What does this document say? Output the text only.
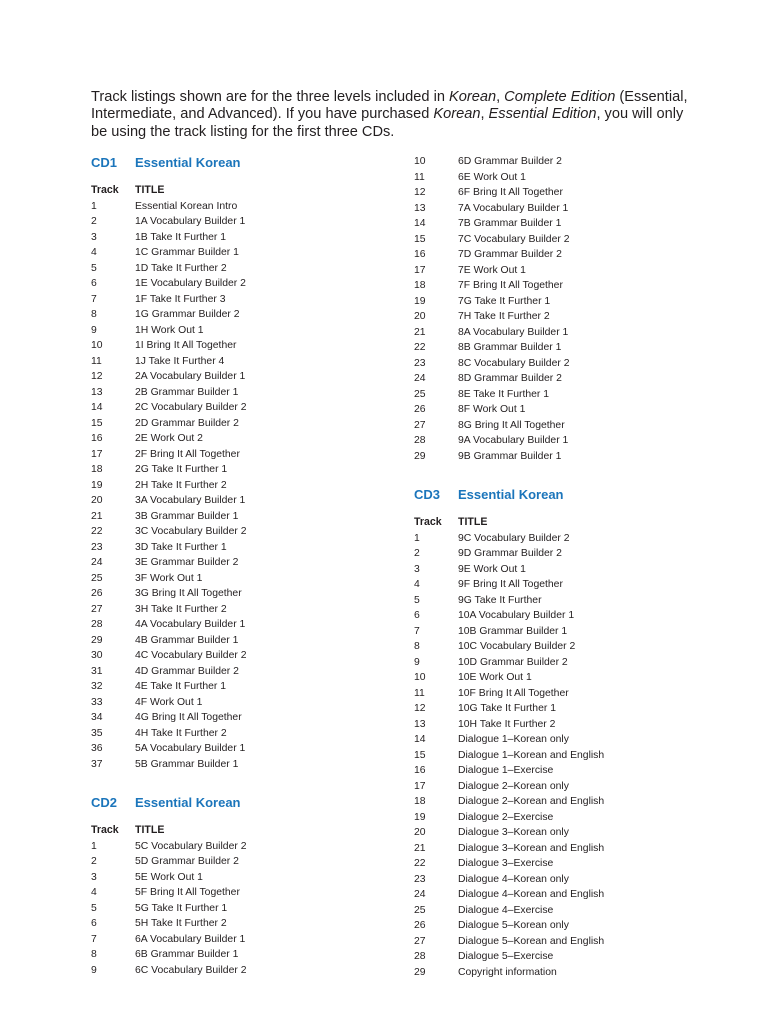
Track listings shown are for the three levels included in Korean, Complete Edition (Essential, Intermediate, and Advanced). If you have purchased Korean, Essential Edition, you will only be using the track listing for the first three CDs.

CD1	Essential Korean
Track	TITLE
1	Essential Korean Intro
2	1A Vocabulary Builder 1
3	1B Take It Further 1
4	1C Grammar Builder 1
5	1D Take It Further 2
6	1E Vocabulary Builder 2
7	1F Take It Further 3
8	1G Grammar Builder 2
9	1H Work Out 1
10	1I Bring It All Together
11	1J Take It Further 4
12	2A Vocabulary Builder 1
13	2B Grammar Builder 1
14	2C Vocabulary Builder 2
15	2D Grammar Builder 2
16	2E Work Out 2
17	2F Bring It All Together
18	2G Take It Further 1
19	2H Take It Further 2
20	3A Vocabulary Builder 1
21	3B Grammar Builder 1
22	3C Vocabulary Builder 2
23	3D Take It Further 1
24	3E Grammar Builder 2
25	3F Work Out 1
26	3G Bring It All Together
27	3H Take It Further 2
28	4A Vocabulary Builder 1
29	4B Grammar Builder 1
30	4C Vocabulary Builder 2
31	4D Grammar Builder 2
32	4E Take It Further 1
33	4F Work Out 1
34	4G Bring It All Together
35	4H Take It Further 2
36	5A Vocabulary Builder 1
37	5B Grammar Builder 1
CD2	Essential Korean
Track	TITLE
1	5C Vocabulary Builder 2
2	5D Grammar Builder 2
3	5E Work Out 1
4	5F Bring It All Together
5	5G Take It Further 1
6	5H Take It Further 2
7	6A Vocabulary Builder 1
8	6B Grammar Builder 1
9	6C Vocabulary Builder 2
10	6D Grammar Builder 2
11	6E Work Out 1
12	6F Bring It All Together
13	7A Vocabulary Builder 1
14	7B Grammar Builder 1
15	7C Vocabulary Builder 2
16	7D Grammar Builder 2
17	7E Work Out 1
18	7F Bring It All Together
19	7G Take It Further 1
20	7H Take It Further 2
21	8A Vocabulary Builder 1
22	8B Grammar Builder 1
23	8C Vocabulary Builder 2
24	8D Grammar Builder 2
25	8E Take It Further 1
26	8F Work Out 1
27	8G Bring It All Together
28	9A Vocabulary Builder 1
29	9B Grammar Builder 1
CD3	Essential Korean
Track	TITLE
1	9C Vocabulary Builder 2
2	9D Grammar Builder 2
3	9E Work Out 1
4	9F Bring It All Together
5	9G Take It Further
6	10A Vocabulary Builder 1
7	10B Grammar Builder 1
8	10C Vocabulary Builder 2
9	10D Grammar Builder 2
10	10E Work Out 1
11	10F Bring It All Together
12	10G Take It Further 1
13	10H Take It Further 2
14	Dialogue 1–Korean only
15	Dialogue 1–Korean and English
16	Dialogue 1–Exercise
17	Dialogue 2–Korean only
18	Dialogue 2–Korean and English
19	Dialogue 2–Exercise
20	Dialogue 3–Korean only
21	Dialogue 3–Korean and English
22	Dialogue 3–Exercise
23	Dialogue 4–Korean only
24	Dialogue 4–Korean and English
25	Dialogue 4–Exercise
26	Dialogue 5–Korean only
27	Dialogue 5–Korean and English
28	Dialogue 5–Exercise
29	Copyright information
